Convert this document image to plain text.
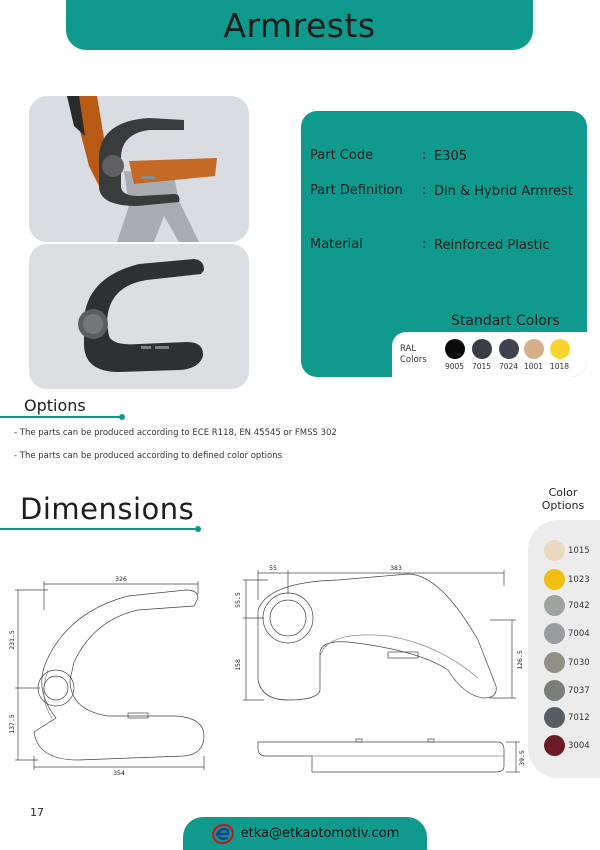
Armrests
Part Code	: E305
Part Definition	: Dln & Hybrid Armrest
Material	: Reinforced Plastic
Standart Colors
RAL
Colors
9005 7015 7024 1001 1018
Options
- The parts can be produced according to ECE R118, EN 45545 or FMSS 302
- The parts can be produced according to defined color options
Dimensions
326
354
231.5
137.5
55	383
55.5
158	126.5
39.5
Color
Options
1015
1023
7042
7004
7030
7037
7012
3004
17
etka@etkaotomotiv.com
